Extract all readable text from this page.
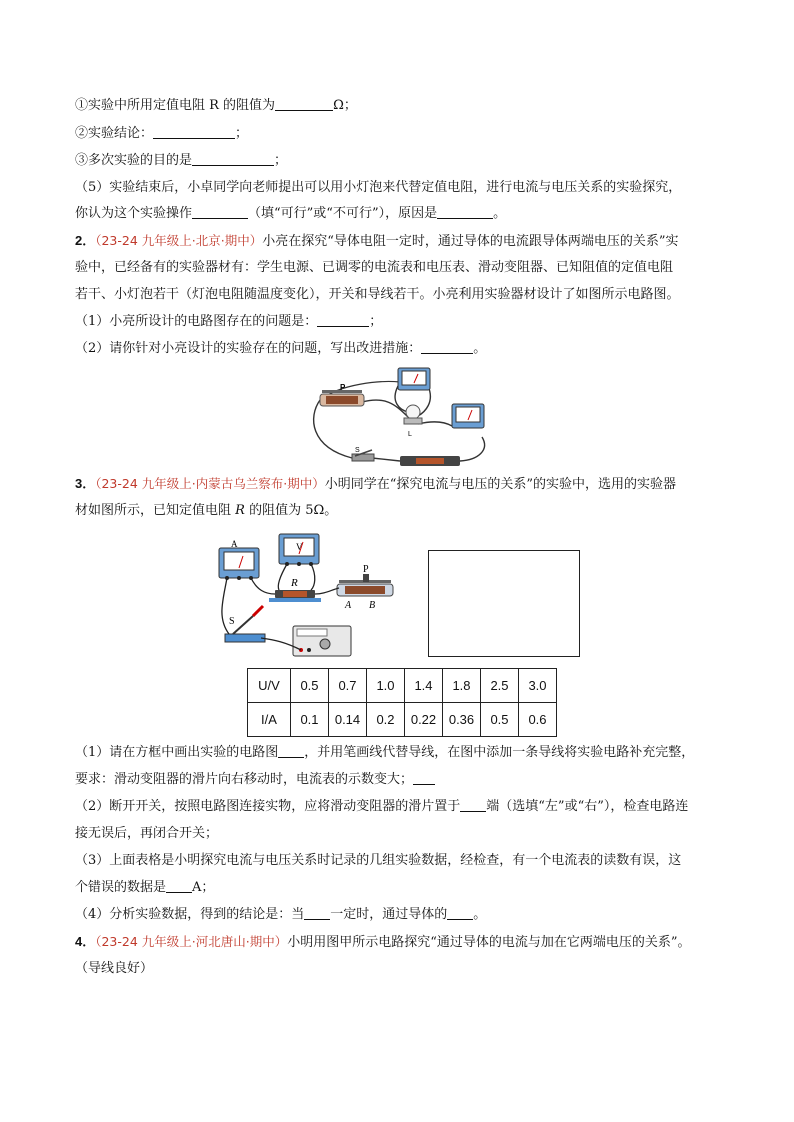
①实验中所用定值电阻 R 的阻值为	Ω；
②实验结论：	；
③多次实验的目的是	；
（5）实验结束后，小卓同学向老师提出可以用小灯泡来代替定值电阻，进行电流与电压关系的实验探究，
你认为这个实验操作	（填“可行”或“不可行”），原因是	。
2．（23-24 九年级上·北京·期中）小亮在探究“导体电阻一定时，通过导体的电流跟导体两端电压的关系”实
验中，已经备有的实验器材有：学生电源、已调零的电流表和电压表、滑动变阻器、已知阻值的定值电阻
若干、小灯泡若干（灯泡电阻随温度变化），开关和导线若干。小亮利用实验器材设计了如图所示电路图。
（1）小亮所设计的电路图存在的问题是：	；
（2）请你针对小亮设计的实验存在的问题，写出改进措施：	。
P
L
S
3．（23-24 九年级上·内蒙古乌兰察布·期中）小明同学在“探究电流与电压的关系”的实验中，选用的实验器
材如图所示，已知定值电阻 R 的阻值为 5Ω。
A	V
R
P
A B
S
U/V	0.5	0.7	1.0	1.4	1.8	2.5	3.0
I/A	0.1	0.14	0.2	0.22	0.36	0.5	0.6
（1）请在方框中画出实验的电路图 ，并用笔画线代替导线，在图中添加一条导线将实验电路补充完整，
要求：滑动变阻器的滑片向右移动时，电流表的示数变大；
（2）断开开关，按照电路图连接实物，应将滑动变阻器的滑片置于 端（选填“左”或“右”），检查电路连
接无误后，再闭合开关；
（3）上面表格是小明探究电流与电压关系时记录的几组实验数据，经检查，有一个电流表的读数有误，这
个错误的数据是 A；
（4）分析实验数据，得到的结论是：当 一定时，通过导体的 。
4．（23-24 九年级上·河北唐山·期中）小明用图甲所示电路探究“通过导体的电流与加在它两端电压的关系”。
（导线良好）
